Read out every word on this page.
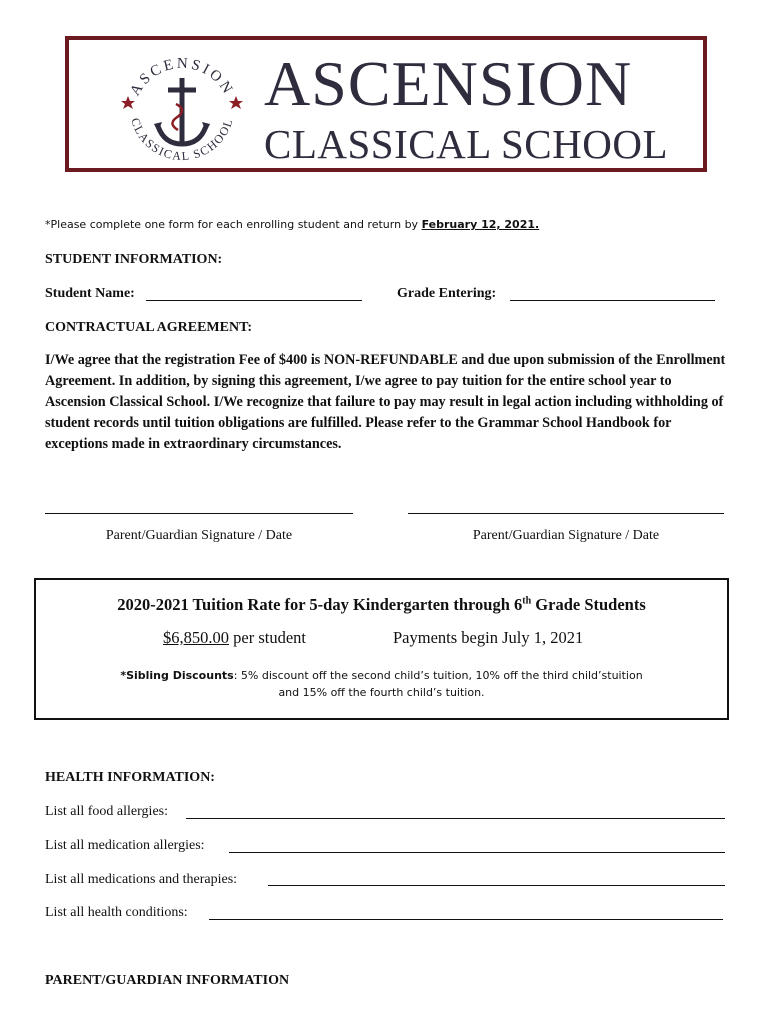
ASCENSION
CLASSICAL SCHOOL
ASCENSION
CLASSICAL SCHOOL
*Please complete one form for each enrolling student and return by February 12, 2021.
STUDENT INFORMATION:
Student Name:	Grade Entering:
CONTRACTUAL AGREEMENT:
I/We agree that the registration Fee of $400 is NON-REFUNDABLE and due upon submission of the Enrollment Agreement. In addition, by signing this agreement, I/we agree to pay tuition for the entire school year to Ascension Classical School. I/We recognize that failure to pay may result in legal action including withholding of student records until tuition obligations are fulfilled. Please refer to the Grammar School Handbook for exceptions made in extraordinary circumstances.
Parent/Guardian Signature / Date	Parent/Guardian Signature / Date
2020-2021 Tuition Rate for 5-day Kindergarten through 6th Grade Students
$6,850.00 per student	Payments begin July 1, 2021
*Sibling Discounts: 5% discount off the second child’s tuition, 10% off the third child’stuition
and 15% off the fourth child’s tuition.
HEALTH INFORMATION:
List all food allergies:
List all medication allergies:
List all medications and therapies:
List all health conditions:
PARENT/GUARDIAN INFORMATION
